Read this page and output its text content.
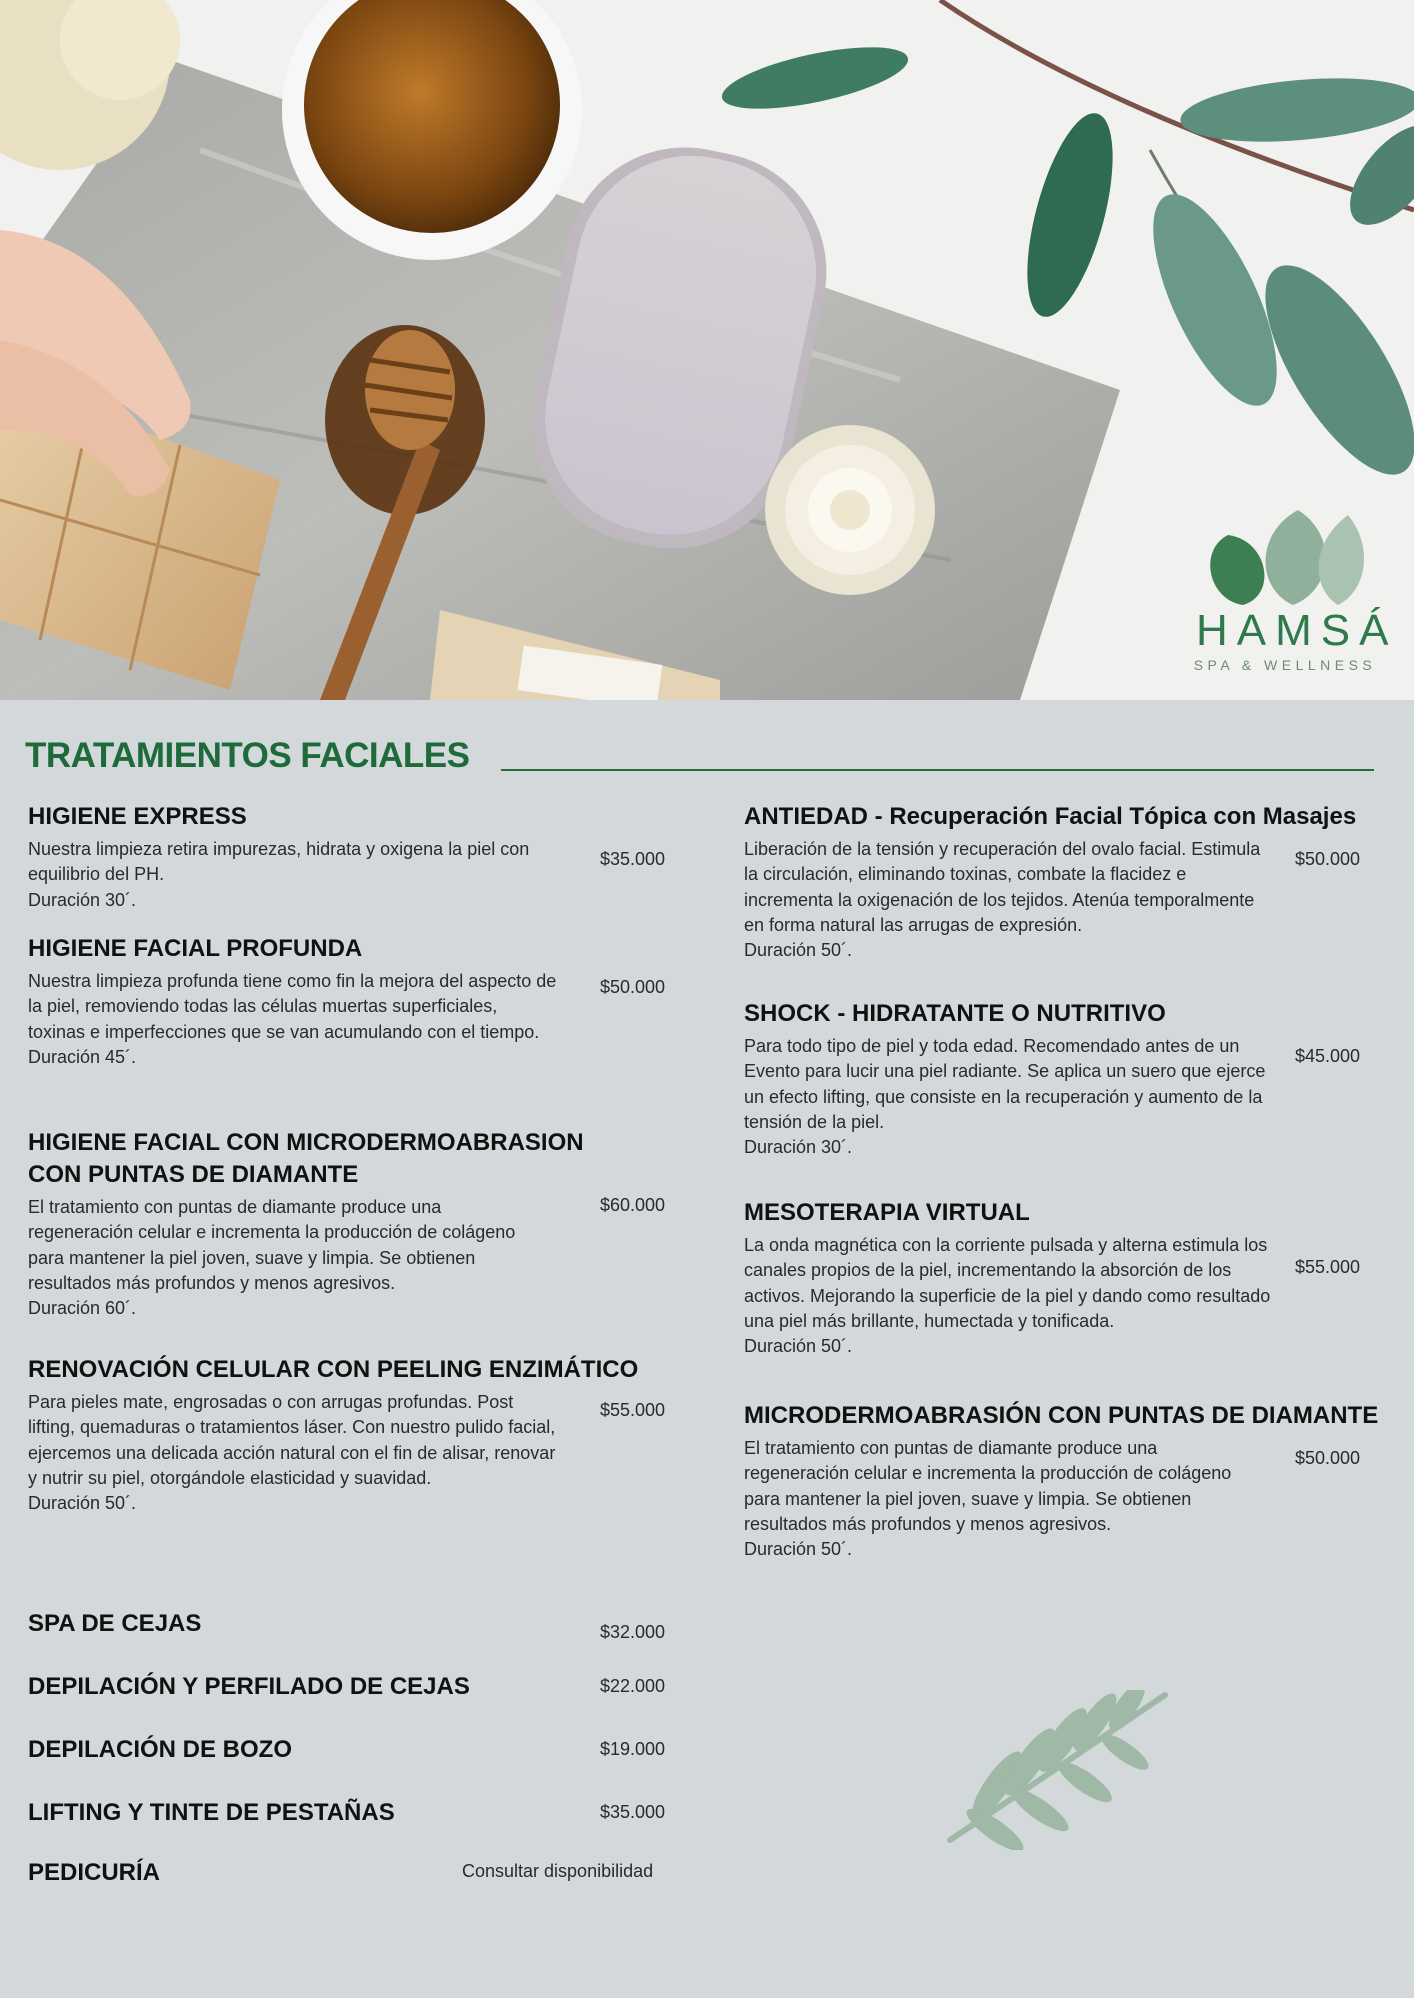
HAMSÁ
SPA & WELLNESS
TRATAMIENTOS FACIALES
HIGIENE EXPRESS

Nuestra limpieza retira impurezas, hidrata y oxigena la piel con equilibrio del PH.

Duración 30´.
$35.000
HIGIENE FACIAL PROFUNDA

Nuestra limpieza profunda tiene como fin la mejora del aspecto de la piel, removiendo todas las células muertas superficiales, toxinas e imperfecciones que se van acumulando con el tiempo.

Duración 45´.
$50.000
HIGIENE FACIAL CON MICRODERMOABRASION CON PUNTAS DE DIAMANTE

El tratamiento con puntas de diamante produce una regeneración celular e incrementa la producción de colágeno para mantener la piel joven, suave y limpia. Se obtienen resultados más profundos y menos agresivos.

Duración 60´.
$60.000
RENOVACIÓN CELULAR CON PEELING ENZIMÁTICO

Para pieles mate, engrosadas o con arrugas profundas. Post lifting, quemaduras o tratamientos láser. Con nuestro pulido facial, ejercemos una delicada acción natural con el fin de alisar, renovar y nutrir su piel, otorgándole elasticidad y suavidad.

Duración 50´.
$55.000
ANTIEDAD - Recuperación Facial Tópica con Masajes

Liberación de la tensión y recuperación del ovalo facial. Estimula la circulación, eliminando toxinas, combate la flacidez e incrementa la oxigenación de los tejidos. Atenúa temporalmente en forma natural las arrugas de expresión.

Duración 50´.
$50.000
SHOCK - HIDRATANTE O NUTRITIVO

Para todo tipo de piel y toda edad. Recomendado antes de un Evento para lucir una piel radiante. Se aplica un suero que ejerce un efecto lifting, que consiste en la recuperación y aumento de la tensión de la piel.

Duración 30´.
$45.000
MESOTERAPIA VIRTUAL

La onda magnética con la corriente pulsada y alterna estimula los canales propios de la piel, incrementando la absorción de los activos. Mejorando la superficie de la piel y dando como resultado una piel más brillante, humectada y tonificada.

Duración 50´.
$55.000
MICRODERMOABRASIÓN CON PUNTAS DE DIAMANTE

El tratamiento con puntas de diamante produce una regeneración celular e incrementa la producción de colágeno para mantener la piel joven, suave y limpia. Se obtienen resultados más profundos y menos agresivos.

Duración 50´.
$50.000
SPA DE CEJAS	$32.000
DEPILACIÓN Y PERFILADO DE CEJAS	$22.000
DEPILACIÓN DE BOZO	$19.000
LIFTING Y TINTE DE PESTAÑAS	$35.000
PEDICURÍA	Consultar disponibilidad
